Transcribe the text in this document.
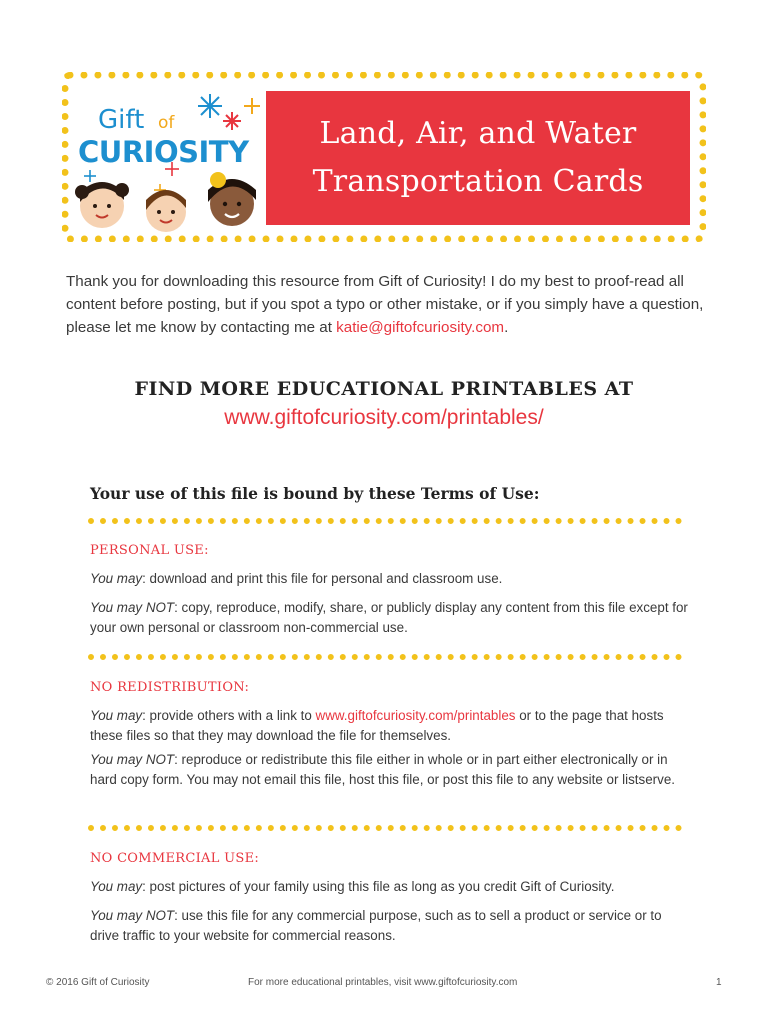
Gift of
CURIOSITY
Land, Air, and Water
Transportation Cards
Thank you for downloading this resource from Gift of Curiosity! I do my best to proof-read all content before posting, but if you spot a typo or other mistake, or if you simply have a question, please let me know by contacting me at katie@giftofcuriosity.com.
FIND MORE EDUCATIONAL PRINTABLES AT
www.giftofcuriosity.com/printables/
Your use of this file is bound by these Terms of Use:
PERSONAL USE:
You may: download and print this file for personal and classroom use.
You may NOT: copy, reproduce, modify, share, or publicly display any content from this file except for your own personal or classroom non-commercial use.
NO REDISTRIBUTION:
You may: provide others with a link to www.giftofcuriosity.com/printables or to the page that hosts these files so that they may download the file for themselves.
You may NOT: reproduce or redistribute this file either in whole or in part either electronically or in hard copy form. You may not email this file, host this file, or post this file to any website or listserve.
NO COMMERCIAL USE:
You may: post pictures of your family using this file as long as you credit Gift of Curiosity.
You may NOT: use this file for any commercial purpose, such as to sell a product or service or to drive traffic to your website for commercial reasons.
© 2016 Gift of Curiosity	For more educational printables, visit www.giftofcuriosity.com	1
